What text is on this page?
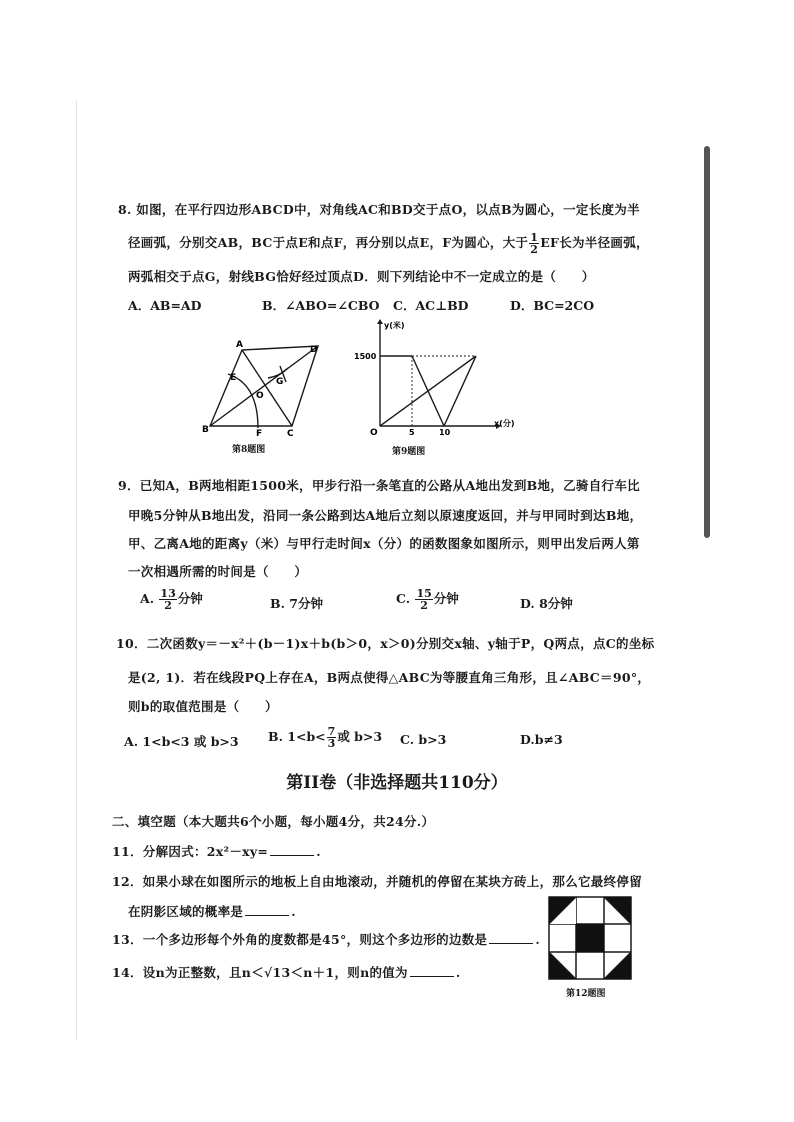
8. 如图，在平行四边形ABCD中，对角线AC和BD交于点O，以点B为圆心，一定长度为半
径画弧，分别交AB，BC于点E和点F，再分别以点E，F为圆心，大于 $\frac{1}{2}$ EF长为半径画弧，
两弧相交于点G，射线BG恰好经过顶点D．则下列结论中不一定成立的是（　　）
A．AB=AD	B．∠ABO=∠CBO C．AC⊥BD	D．BC=2CO
A	D
B	C
E
F
G
O
第8题图
y(米)
x(分)
1500
5	10
O
第9题图
9．已知A，B两地相距1500米，甲步行沿一条笔直的公路从A地出发到B地，乙骑自行车比
甲晚5分钟从B地出发，沿同一条公路到达A地后立刻以原速度返回，并与甲同时到达B地，
甲、乙离A地的距离y（米）与甲行走时间x（分）的函数图象如图所示，则甲出发后两人第
一次相遇所需的时间是（　　）
A. $\frac{13}{2}$ 分钟	B. 7分钟	C. $\frac{15}{2}$ 分钟	D. 8分钟
10．二次函数y＝－x²＋(b－1)x＋b(b＞0，x＞0)分别交x轴、y轴于P，Q两点，点C的坐标
是(2, 1)．若在线段PQ上存在A，B两点使得△ABC为等腰直角三角形，且∠ABC＝90°，
则b的取值范围是（　　）
A. 1<b<3 或 b>3 B. $1<b< \frac{7}{3}$ 或 b>3 C. b>3	D.b≠3
第II卷（非选择题共110分）
二、填空题（本大题共6个小题，每小题4分，共24分.）
11．分解因式：2x²－xy=	.
12．如果小球在如图所示的地板上自由地滚动，并随机的停留在某块方砖上，那么它最终停留
在阴影区域的概率是	.
第12题图
13．一个多边形每个外角的度数都是45°，则这个多边形的边数是	.
14．设n为正整数，且n＜√13＜n＋1，则n的值为	.
